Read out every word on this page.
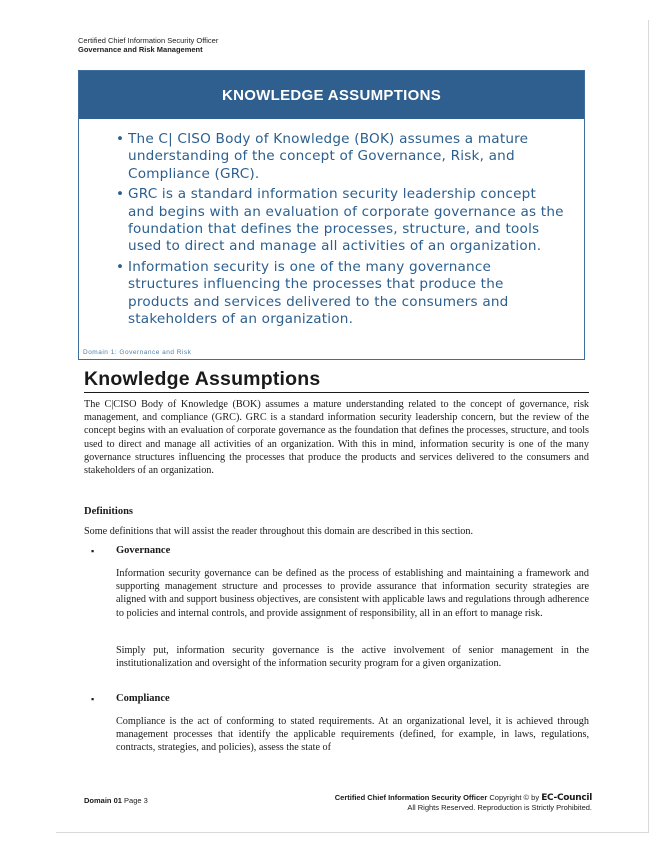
Certified Chief Information Security Officer
Governance and Risk Management
KNOWLEDGE ASSUMPTIONS
• The C| CISO Body of Knowledge (BOK) assumes a mature understanding of the concept of Governance, Risk, and Compliance (GRC).
• GRC is a standard information security leadership concept and begins with an evaluation of corporate governance as the foundation that defines the processes, structure, and tools used to direct and manage all activities of an organization.
• Information security is one of the many governance structures influencing the processes that produce the products and services delivered to the consumers and stakeholders of an organization.
Domain 1: Governance and Risk
Knowledge Assumptions

The C|CISO Body of Knowledge (BOK) assumes a mature understanding related to the concept of governance, risk management, and compliance (GRC). GRC is a standard information security leadership concern, but the review of the concept begins with an evaluation of corporate governance as the foundation that defines the processes, structure, and tools used to direct and manage all activities of an organization. With this in mind, information security is one of the many governance structures influencing the processes that produce the products and services delivered to the consumers and stakeholders of an organization.

Definitions

Some definitions that will assist the reader throughout this domain are described in this section.

▪ Governance

Information security governance can be defined as the process of establishing and maintaining a framework and supporting management structure and processes to provide assurance that information security strategies are aligned with and support business objectives, are consistent with applicable laws and regulations through adherence to policies and internal controls, and provide assignment of responsibility, all in an effort to manage risk.

Simply put, information security governance is the active involvement of senior management in the institutionalization and oversight of the information security program for a given organization.

▪ Compliance

Compliance is the act of conforming to stated requirements. At an organizational level, it is achieved through management processes that identify the applicable requirements (defined, for example, in laws, regulations, contracts, strategies, and policies), assess the state of

Domain 01 Page 3	Certified Chief Information Security Officer Copyright © by EC-Council
All Rights Reserved. Reproduction is Strictly Prohibited.
